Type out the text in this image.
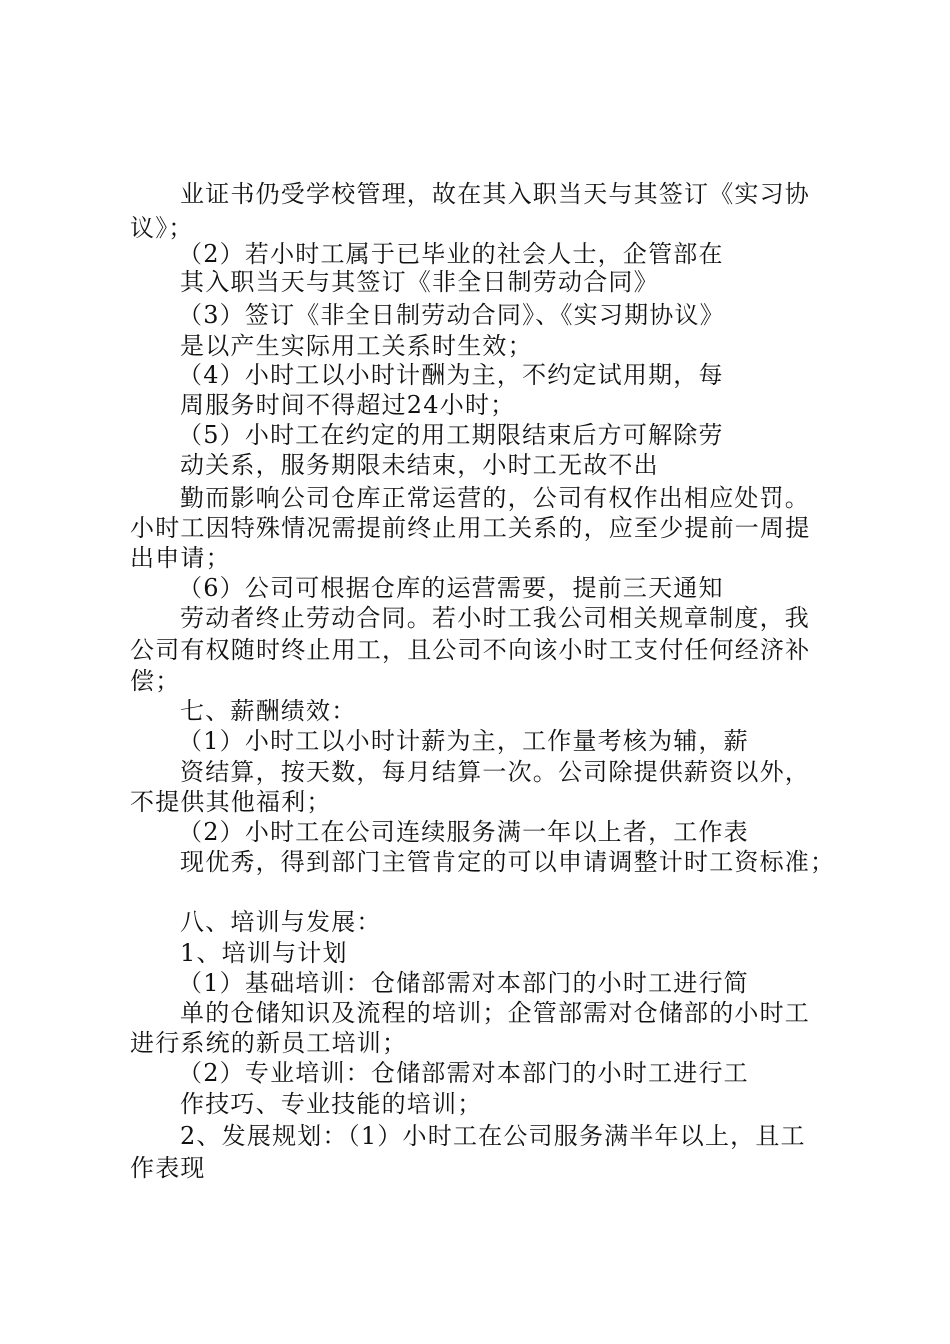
业证书仍受学校管理，故在其入职当天与其签订《实习协
议》；
（2）若小时工属于已毕业的社会人士，企管部在
其入职当天与其签订《非全日制劳动合同》
（3）签订《非全日制劳动合同》、《实习期协议》
是以产生实际用工关系时生效；
（4）小时工以小时计酬为主，不约定试用期，每
周服务时间不得超过24小时；
（5）小时工在约定的用工期限结束后方可解除劳
动关系，服务期限未结束，小时工无故不出
勤而影响公司仓库正常运营的，公司有权作出相应处罚。
小时工因特殊情况需提前终止用工关系的，应至少提前一周提
出申请；
（6）公司可根据仓库的运营需要，提前三天通知
劳动者终止劳动合同。若小时工我公司相关规章制度，我
公司有权随时终止用工，且公司不向该小时工支付任何经济补
偿；
七、薪酬绩效：
（1）小时工以小时计薪为主，工作量考核为辅，薪
资结算，按天数，每月结算一次。公司除提供薪资以外，
不提供其他福利；
（2）小时工在公司连续服务满一年以上者，工作表
现优秀，得到部门主管肯定的可以申请调整计时工资标准；
八、培训与发展：
1、培训与计划
（1）基础培训：仓储部需对本部门的小时工进行简
单的仓储知识及流程的培训；企管部需对仓储部的小时工
进行系统的新员工培训；
（2）专业培训：仓储部需对本部门的小时工进行工
作技巧、专业技能的培训；
2、发展规划：（1）小时工在公司服务满半年以上，且工
作表现
